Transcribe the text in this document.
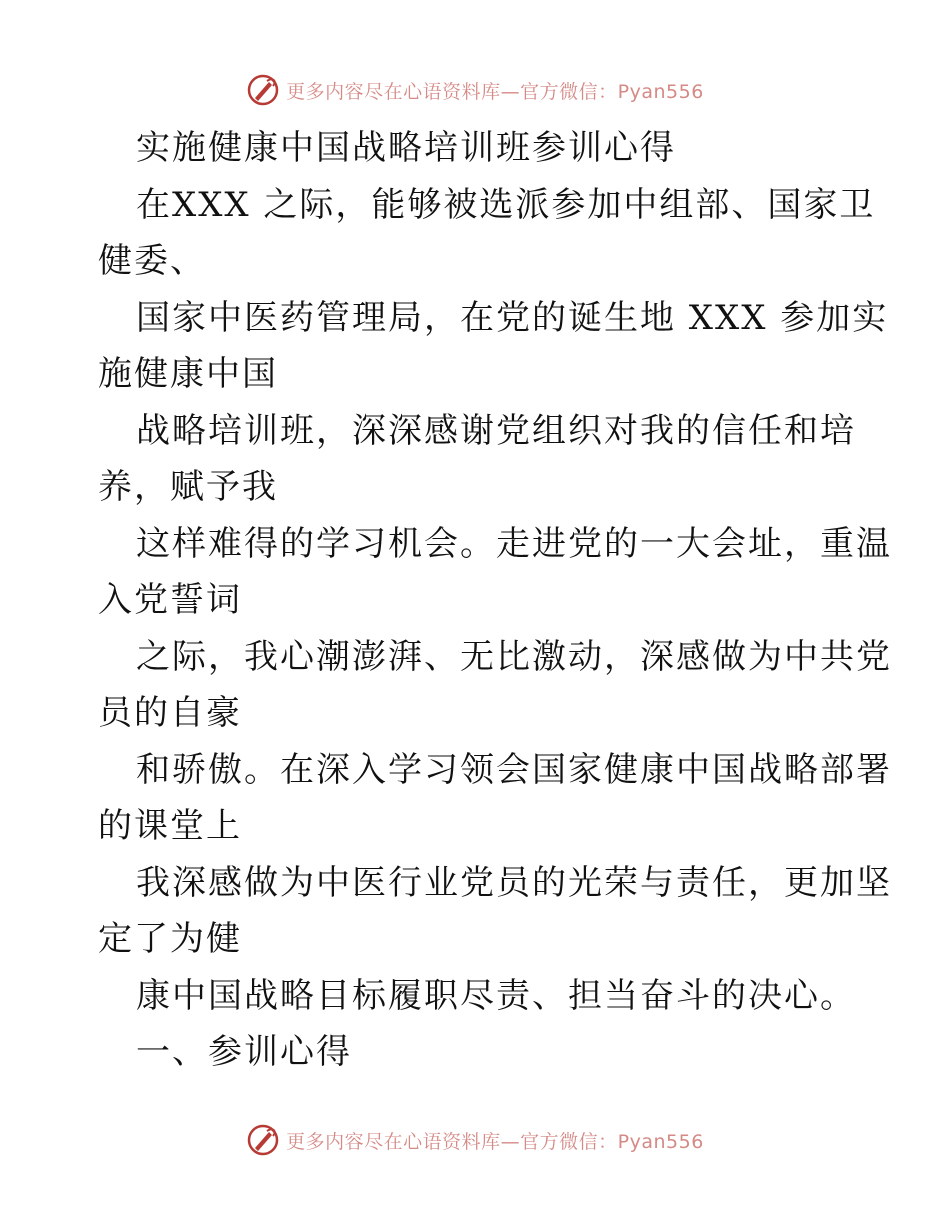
更多内容尽在心语资料库—官方微信：Pyan556
实施健康中国战略培训班参训心得
在XXX 之际，能够被选派参加中组部、国家卫
健委、
国家中医药管理局，在党的诞生地 XXX 参加实
施健康中国
战略培训班，深深感谢党组织对我的信任和培
养，赋予我
这样难得的学习机会。走进党的一大会址，重温
入党誓词
之际，我心潮澎湃、无比激动，深感做为中共党
员的自豪
和骄傲。在深入学习领会国家健康中国战略部署
的课堂上
我深感做为中医行业党员的光荣与责任，更加坚
定了为健
康中国战略目标履职尽责、担当奋斗的决心。
一、参训心得
更多内容尽在心语资料库—官方微信：Pyan556
